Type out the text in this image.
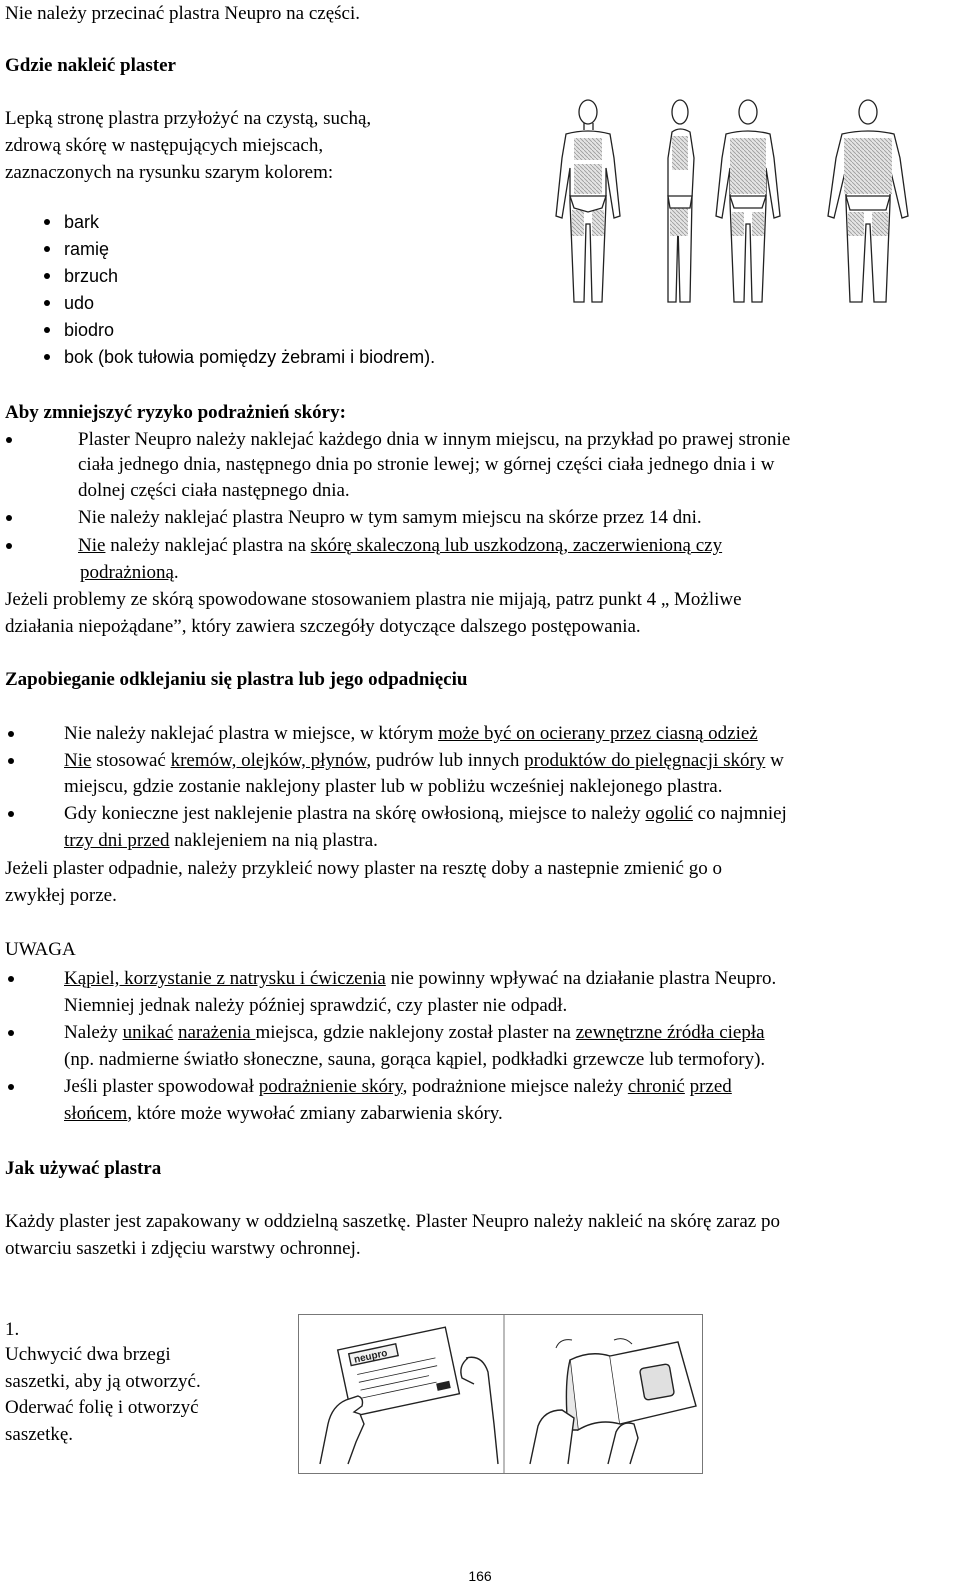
Nie należy przecinać plastra Neupro na części.
Gdzie nakleić plaster
Lepką stronę plastra przyłożyć na czystą, suchą,
zdrową skórę w następujących miejscach,
zaznaczonych na rysunku szarym kolorem:
bark
ramię
brzuch
udo
biodro
bok (bok tułowia pomiędzy żebrami i biodrem).
Aby zmniejszyć ryzyko podrażnień skóry:
Plaster Neupro należy naklejać każdego dnia w innym miejscu, na przykład po prawej stronie
ciała jednego dnia, następnego dnia po stronie lewej; w górnej części ciała jednego dnia i w
dolnej części ciała następnego dnia.
Nie należy naklejać plastra Neupro w tym samym miejscu na skórze przez 14 dni.
Nie należy naklejać plastra na skórę skaleczoną lub uszkodzoną, zaczerwienioną czy
podrażnioną.
Jeżeli problemy ze skórą spowodowane stosowaniem plastra nie mijają, patrz punkt 4 „ Możliwe
działania niepożądane”, który zawiera szczegóły dotyczące dalszego postępowania.
Zapobieganie odklejaniu się plastra lub jego odpadnięciu
Nie należy naklejać plastra w miejsce, w którym może być on ocierany przez ciasną odzież
Nie stosować kremów, olejków, płynów, pudrów lub innych produktów do pielęgnacji skóry w
miejscu, gdzie zostanie naklejony plaster lub w pobliżu wcześniej naklejonego plastra.
Gdy konieczne jest naklejenie plastra na skórę owłosioną, miejsce to należy ogolić co najmniej
trzy dni przed naklejeniem na nią plastra.
Jeżeli plaster odpadnie, należy przykleić nowy plaster na resztę doby a nastepnie zmienić go o
zwykłej porze.
UWAGA
Kąpiel, korzystanie z natrysku i ćwiczenia nie powinny wpływać na działanie plastra Neupro.
Niemniej jednak należy później sprawdzić, czy plaster nie odpadł.
Należy unikać narażenia miejsca, gdzie naklejony został plaster na zewnętrzne źródła ciepła
(np. nadmierne światło słoneczne, sauna, gorąca kąpiel, podkładki grzewcze lub termofory).
Jeśli plaster spowodował podrażnienie skóry, podrażnione miejsce należy chronić przed
słońcem, które może wywołać zmiany zabarwienia skóry.
Jak używać plastra
Każdy plaster jest zapakowany w oddzielną saszetkę. Plaster Neupro należy nakleić na skórę zaraz po
otwarciu saszetki i zdjęciu warstwy ochronnej.
1.
Uchwycić dwa brzegi
saszetki, aby ją otworzyć.
Oderwać folię i otworzyć
saszetkę.
neupro
166
